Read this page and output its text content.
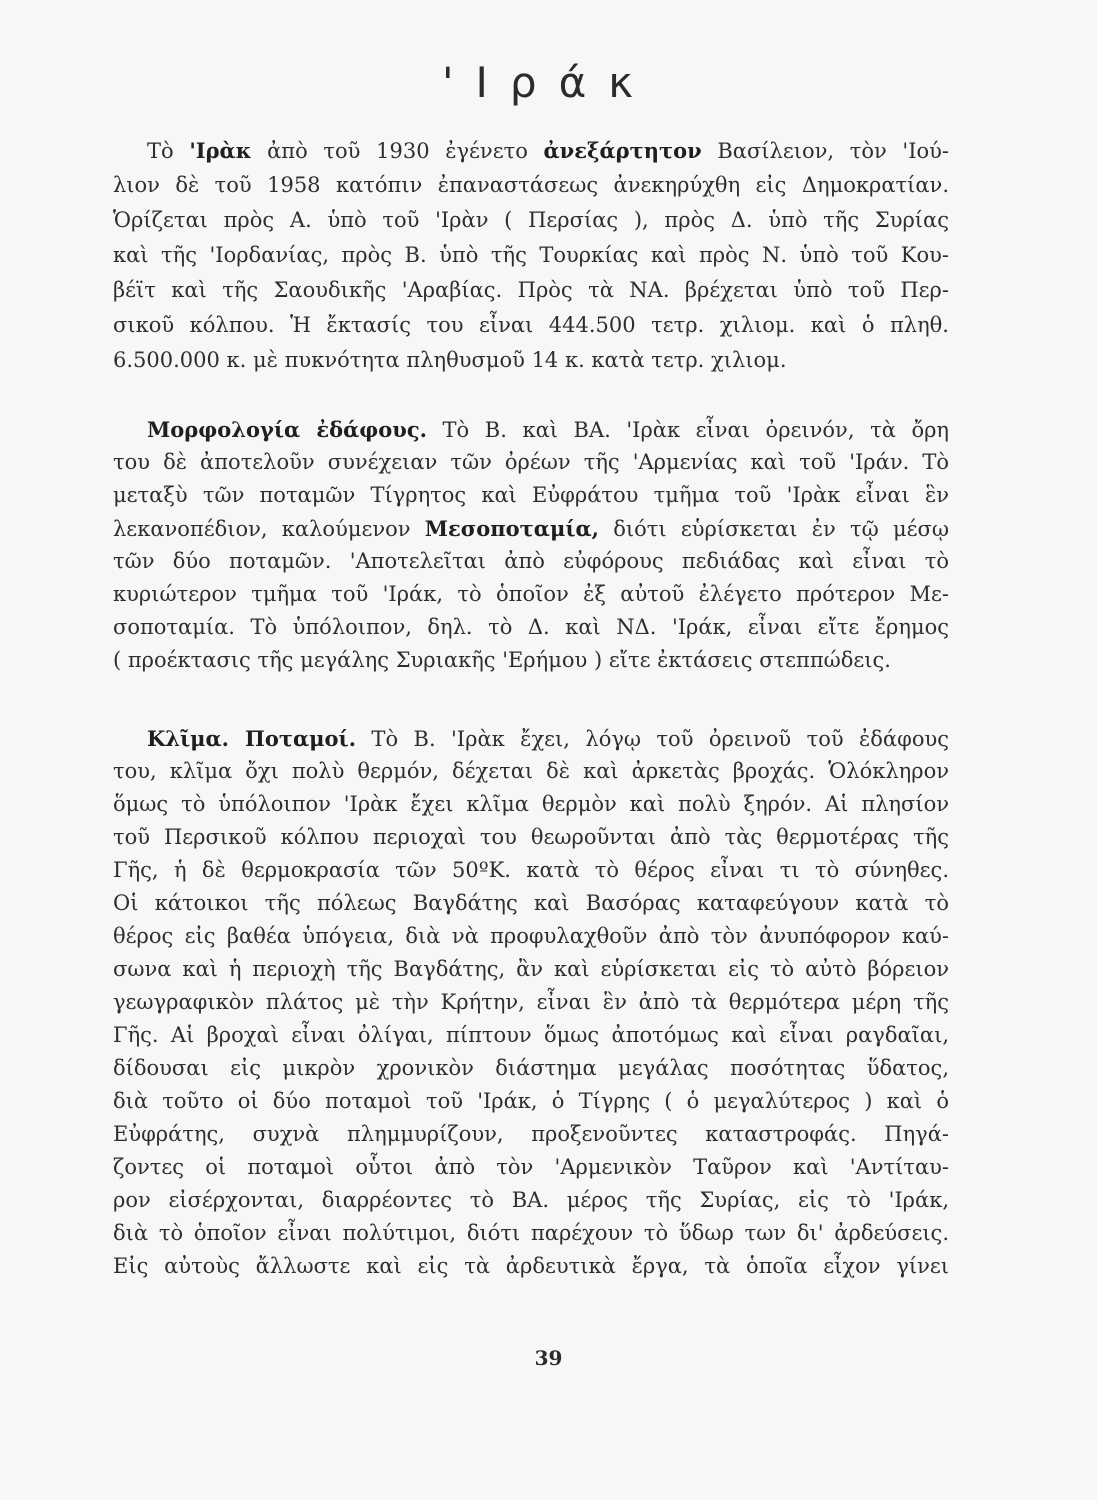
'Ιράκ
Τὸ 'Ιρὰκ ἀπὸ τοῦ 1930 ἐγένετο ἀνεξάρτητον Βασίλειον, τὸν 'Ιού-
λιον δὲ τοῦ 1958 κατόπιν ἐπαναστάσεως ἀνεκηρύχθη εἰς Δημοκρατίαν.
Ὁρίζεται πρὸς Α. ὑπὸ τοῦ 'Ιρὰν ( Περσίας ), πρὸς Δ. ὑπὸ τῆς Συρίας
καὶ τῆς 'Ιορδανίας, πρὸς Β. ὑπὸ τῆς Τουρκίας καὶ πρὸς Ν. ὑπὸ τοῦ Κου-
βέϊτ καὶ τῆς Σαουδικῆς 'Αραβίας. Πρὸς τὰ ΝΑ. βρέχεται ὑπὸ τοῦ Περ-
σικοῦ κόλπου. Ἡ ἔκτασίς του εἶναι 444.500 τετρ. χιλιομ. καὶ ὁ πληθ.
6.500.000 κ. μὲ πυκνότητα πληθυσμοῦ 14 κ. κατὰ τετρ. χιλιομ.
Μορφολογία ἐδάφους. Τὸ Β. καὶ ΒΑ. 'Ιρὰκ εἶναι ὀρεινόν, τὰ ὄρη
του δὲ ἀποτελοῦν συνέχειαν τῶν ὀρέων τῆς 'Αρμενίας καὶ τοῦ 'Ιράν. Τὸ
μεταξὺ τῶν ποταμῶν Τίγρητος καὶ Εὐφράτου τμῆμα τοῦ 'Ιρὰκ εἶναι ἓν
λεκανοπέδιον, καλούμενον Μεσοποταμία, διότι εὑρίσκεται ἐν τῷ μέσῳ
τῶν δύο ποταμῶν. 'Αποτελεῖται ἀπὸ εὐφόρους πεδιάδας καὶ εἶναι τὸ
κυριώτερον τμῆμα τοῦ 'Ιράκ, τὸ ὁποῖον ἐξ αὐτοῦ ἐλέγετο πρότερον Με-
σοποταμία. Τὸ ὑπόλοιπον, δηλ. τὸ Δ. καὶ ΝΔ. 'Ιράκ, εἶναι εἴτε ἔρημος
( προέκτασις τῆς μεγάλης Συριακῆς 'Ερήμου ) εἴτε ἐκτάσεις στεππώδεις.
Κλῖμα. Ποταμοί. Τὸ Β. 'Ιρὰκ ἔχει, λόγῳ τοῦ ὀρεινοῦ τοῦ ἐδάφους
του, κλῖμα ὄχι πολὺ θερμόν, δέχεται δὲ καὶ ἀρκετὰς βροχάς. Ὁλόκληρον
ὅμως τὸ ὑπόλοιπον 'Ιρὰκ ἔχει κλῖμα θερμὸν καὶ πολὺ ξηρόν. Αἱ πλησίον
τοῦ Περσικοῦ κόλπου περιοχαὶ του θεωροῦνται ἀπὸ τὰς θερμοτέρας τῆς
Γῆς, ἡ δὲ θερμοκρασία τῶν 50ºΚ. κατὰ τὸ θέρος εἶναι τι τὸ σύνηθες.
Οἱ κάτοικοι τῆς πόλεως Βαγδάτης καὶ Βασόρας καταφεύγουν κατὰ τὸ
θέρος εἰς βαθέα ὑπόγεια, διὰ νὰ προφυλαχθοῦν ἀπὸ τὸν ἀνυπόφορον καύ-
σωνα καὶ ἡ περιοχὴ τῆς Βαγδάτης, ἂν καὶ εὑρίσκεται εἰς τὸ αὐτὸ βόρειον
γεωγραφικὸν πλάτος μὲ τὴν Κρήτην, εἶναι ἓν ἀπὸ τὰ θερμότερα μέρη τῆς
Γῆς. Αἱ βροχαὶ εἶναι ὀλίγαι, πίπτουν ὅμως ἀποτόμως καὶ εἶναι ραγδαῖαι,
δίδουσαι εἰς μικρὸν χρονικὸν διάστημα μεγάλας ποσότητας ὕδατος,
διὰ τοῦτο οἱ δύο ποταμοὶ τοῦ 'Ιράκ, ὁ Τίγρης ( ὁ μεγαλύτερος ) καὶ ὁ
Εὐφράτης, συχνὰ πλημμυρίζουν, προξενοῦντες καταστροφάς. Πηγά-
ζοντες οἱ ποταμοὶ οὗτοι ἀπὸ τὸν 'Αρμενικὸν Ταῦρον καὶ 'Αντίταυ-
ρον εἰσέρχονται, διαρρέοντες τὸ ΒΑ. μέρος τῆς Συρίας, εἰς τὸ 'Ιράκ,
διὰ τὸ ὁποῖον εἶναι πολύτιμοι, διότι παρέχουν τὸ ὕδωρ των δι' ἀρδεύσεις.
Εἰς αὐτοὺς ἄλλωστε καὶ εἰς τὰ ἀρδευτικὰ ἔργα, τὰ ὁποῖα εἶχον γίνει
39
